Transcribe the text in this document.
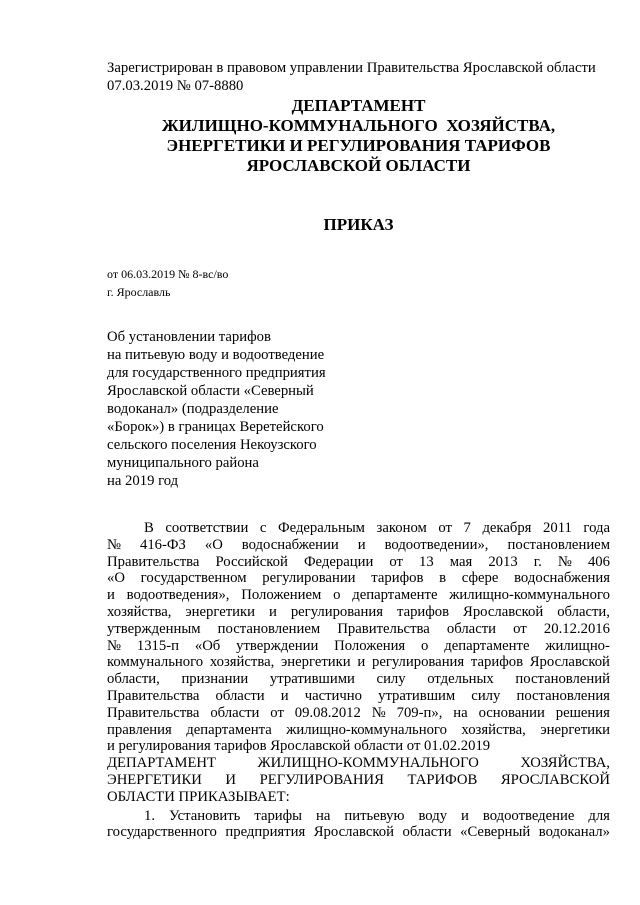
Зарегистрирован в правовом управлении Правительства Ярославской области
07.03.2019 № 07-8880
ДЕПАРТАМЕНТ
ЖИЛИЩНО-КОММУНАЛЬНОГО  ХОЗЯЙСТВА,
ЭНЕРГЕТИКИ И РЕГУЛИРОВАНИЯ ТАРИФОВ
ЯРОСЛАВСКОЙ ОБЛАСТИ
ПРИКАЗ
от 06.03.2019 № 8-вс/во
г. Ярославль
Об установлении тарифов
на питьевую воду и водоотведение
для государственного предприятия
Ярославской области «Северный
водоканал» (подразделение
«Борок») в границах Веретейского
сельского поселения Некоузского
муниципального района
на 2019 год
В соответствии с Федеральным законом от 7 декабря 2011 года
№ 416-ФЗ «О водоснабжении и водоотведении», постановлением
Правительства Российской Федерации от 13 мая 2013 г. № 406
«О государственном регулировании тарифов в сфере водоснабжения
и водоотведения», Положением о департаменте жилищно-коммунального
хозяйства, энергетики и регулирования тарифов Ярославской области,
утвержденным постановлением Правительства области от 20.12.2016
№ 1315-п «Об утверждении Положения о департаменте жилищно-
коммунального хозяйства, энергетики и регулирования тарифов Ярославской
области, признании утратившими силу отдельных постановлений
Правительства области и частично утратившим силу постановления
Правительства области от 09.08.2012 № 709-п», на основании решения
правления департамента жилищно-коммунального хозяйства, энергетики
и регулирования тарифов Ярославской области от 01.02.2019
ДЕПАРТАМЕНТ	ЖИЛИЩНО-КОММУНАЛЬНОГО	ХОЗЯЙСТВА,
ЭНЕРГЕТИКИ И РЕГУЛИРОВАНИЯ ТАРИФОВ ЯРОСЛАВСКОЙ
ОБЛАСТИ ПРИКАЗЫВАЕТ:
1. Установить тарифы на питьевую воду и водоотведение для
государственного предприятия Ярославской области «Северный водоканал»
